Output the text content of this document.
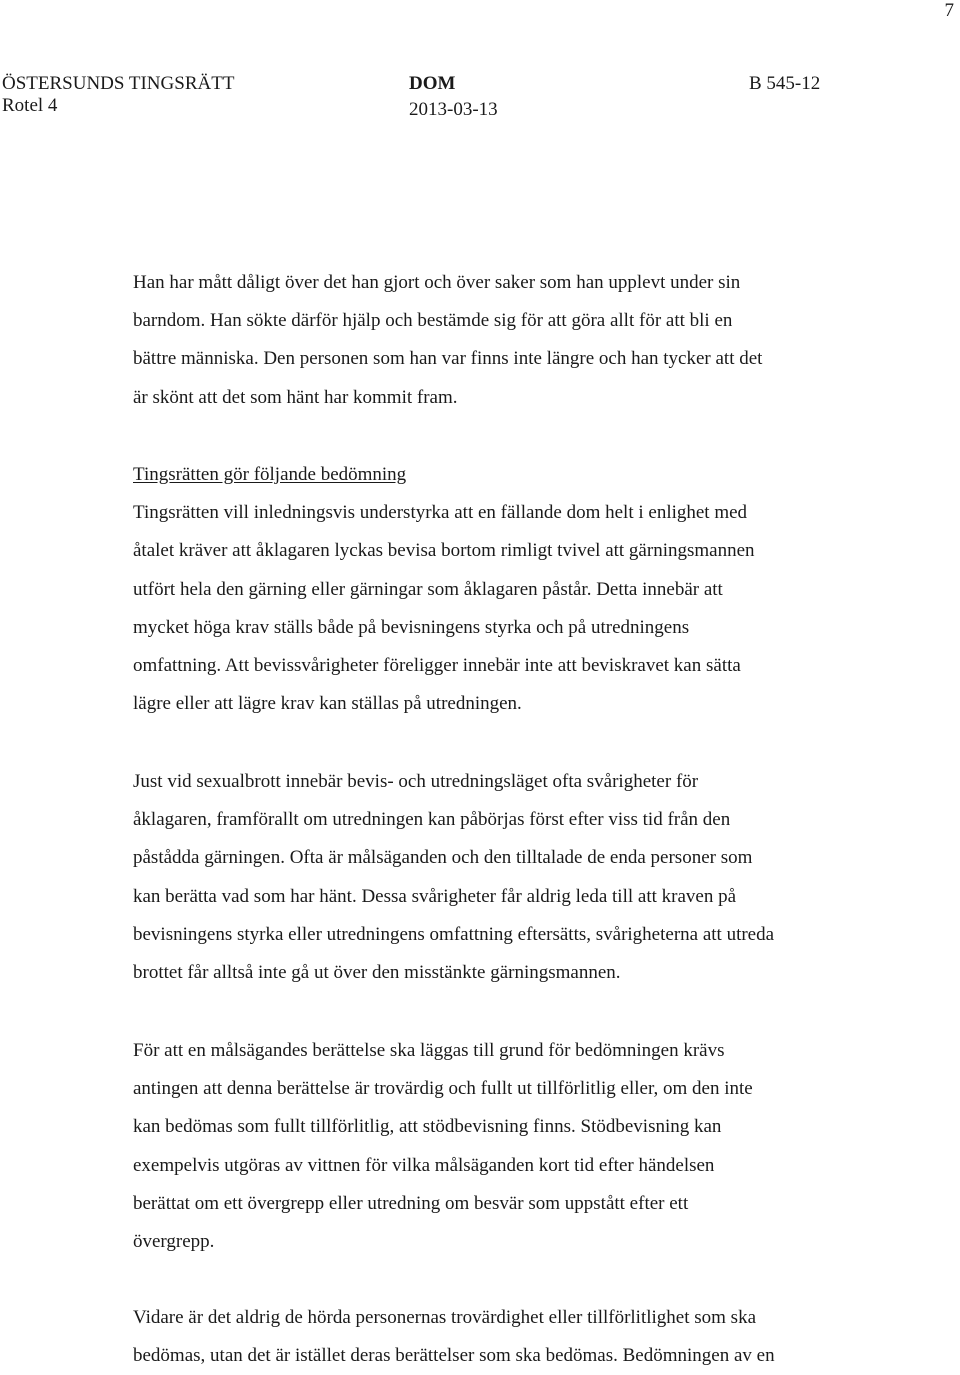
7
ÖSTERSUNDS TINGSRÄTT
Rotel 4
DOM
2013-03-13
B 545-12

Han har mått dåligt över det han gjort och över saker som han upplevt under sin

barndom. Han sökte därför hjälp och bestämde sig för att göra allt för att bli en

bättre människa. Den personen som han var finns inte längre och han tycker att det

är skönt att det som hänt har kommit fram.

Tingsrätten gör följande bedömning

Tingsrätten vill inledningsvis understyrka att en fällande dom helt i enlighet med

åtalet kräver att åklagaren lyckas bevisa bortom rimligt tvivel att gärningsmannen

utfört hela den gärning eller gärningar som åklagaren påstår. Detta innebär att

mycket höga krav ställs både på bevisningens styrka och på utredningens

omfattning. Att bevissvårigheter föreligger innebär inte att beviskravet kan sätta

lägre eller att lägre krav kan ställas på utredningen.

Just vid sexualbrott innebär bevis- och utredningsläget ofta svårigheter för

åklagaren, framförallt om utredningen kan påbörjas först efter viss tid från den

påstådda gärningen. Ofta är målsäganden och den tilltalade de enda personer som

kan berätta vad som har hänt. Dessa svårigheter får aldrig leda till att kraven på

bevisningens styrka eller utredningens omfattning eftersätts, svårigheterna att utreda

brottet får alltså inte gå ut över den misstänkte gärningsmannen.

För att en målsägandes berättelse ska läggas till grund för bedömningen krävs

antingen att denna berättelse är trovärdig och fullt ut tillförlitlig eller, om den inte

kan bedömas som fullt tillförlitlig, att stödbevisning finns. Stödbevisning kan

exempelvis utgöras av vittnen för vilka målsäganden kort tid efter händelsen

berättat om ett övergrepp eller utredning om besvär som uppstått efter ett

övergrepp.

Vidare är det aldrig de hörda personernas trovärdighet eller tillförlitlighet som ska

bedömas, utan det är istället deras berättelser som ska bedömas. Bedömningen av en
